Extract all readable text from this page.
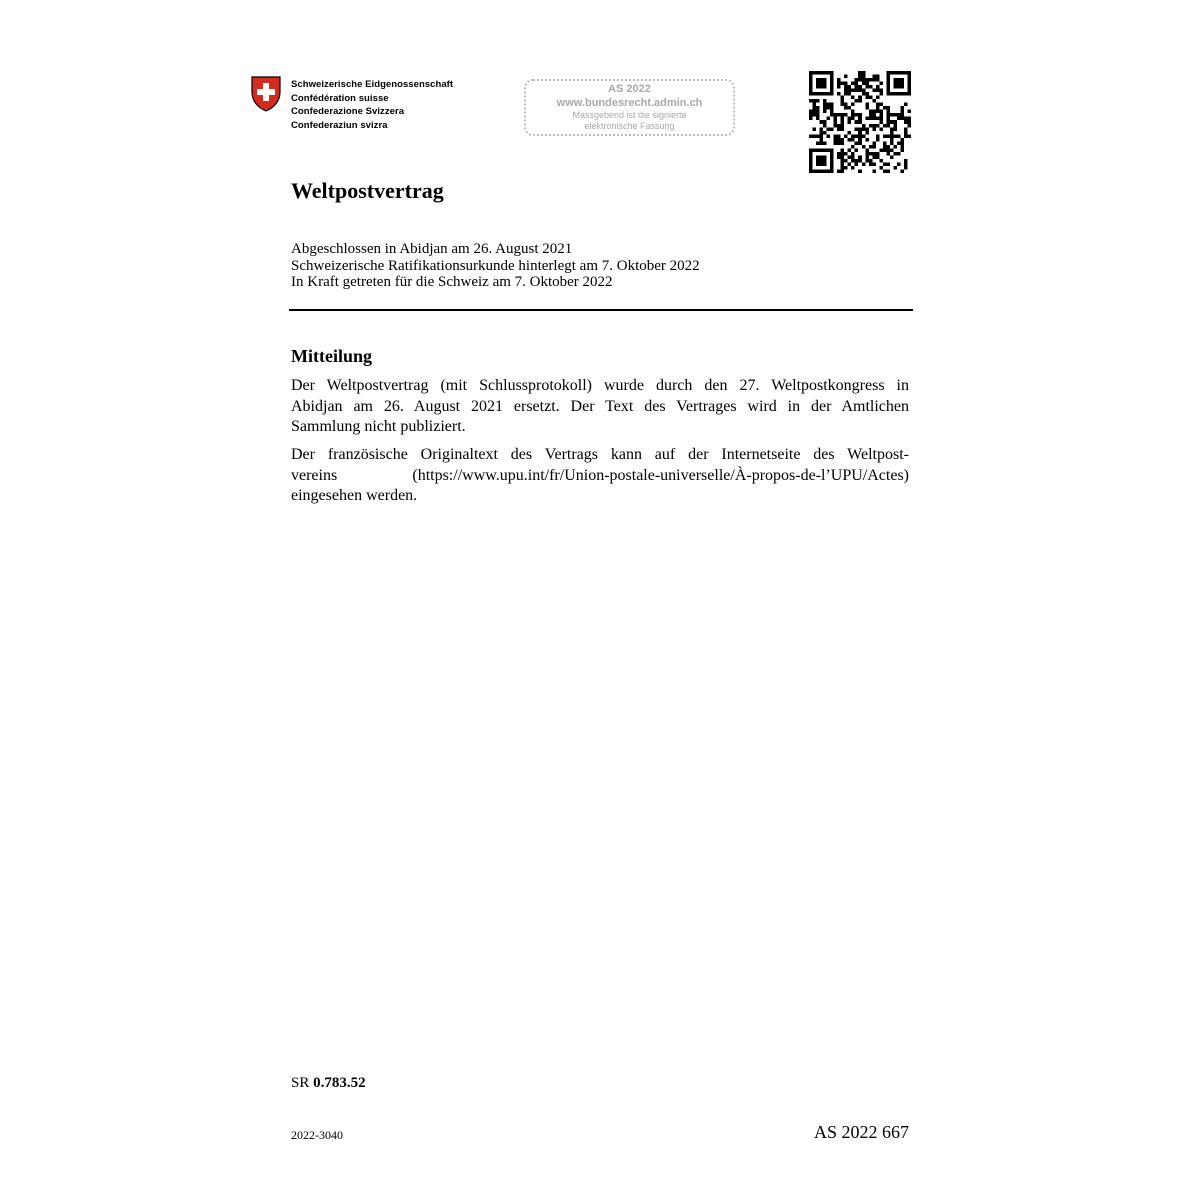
Schweizerische Eidgenossenschaft
Confédération suisse
Confederazione Svizzera
Confederaziun svizra
AS 2022
www.bundesrecht.admin.ch
Massgebend ist die signierte
elektronische Fassung
Weltpostvertrag
Abgeschlossen in Abidjan am 26. August 2021
Schweizerische Ratifikationsurkunde hinterlegt am 7. Oktober 2022
In Kraft getreten für die Schweiz am 7. Oktober 2022
Mitteilung
Der Weltpostvertrag (mit Schlussprotokoll) wurde durch den 27. Weltpostkongress in
Abidjan am 26. August 2021 ersetzt. Der Text des Vertrages wird in der Amtlichen
Sammlung nicht publiziert.
Der französische Originaltext des Vertrags kann auf der Internetseite des Weltpost-
vereins (https://www.upu.int/fr/Union-postale-universelle/À-propos-de-l’UPU/Actes)
eingesehen werden.
SR 0.783.52
2022-3040	AS 2022 667
